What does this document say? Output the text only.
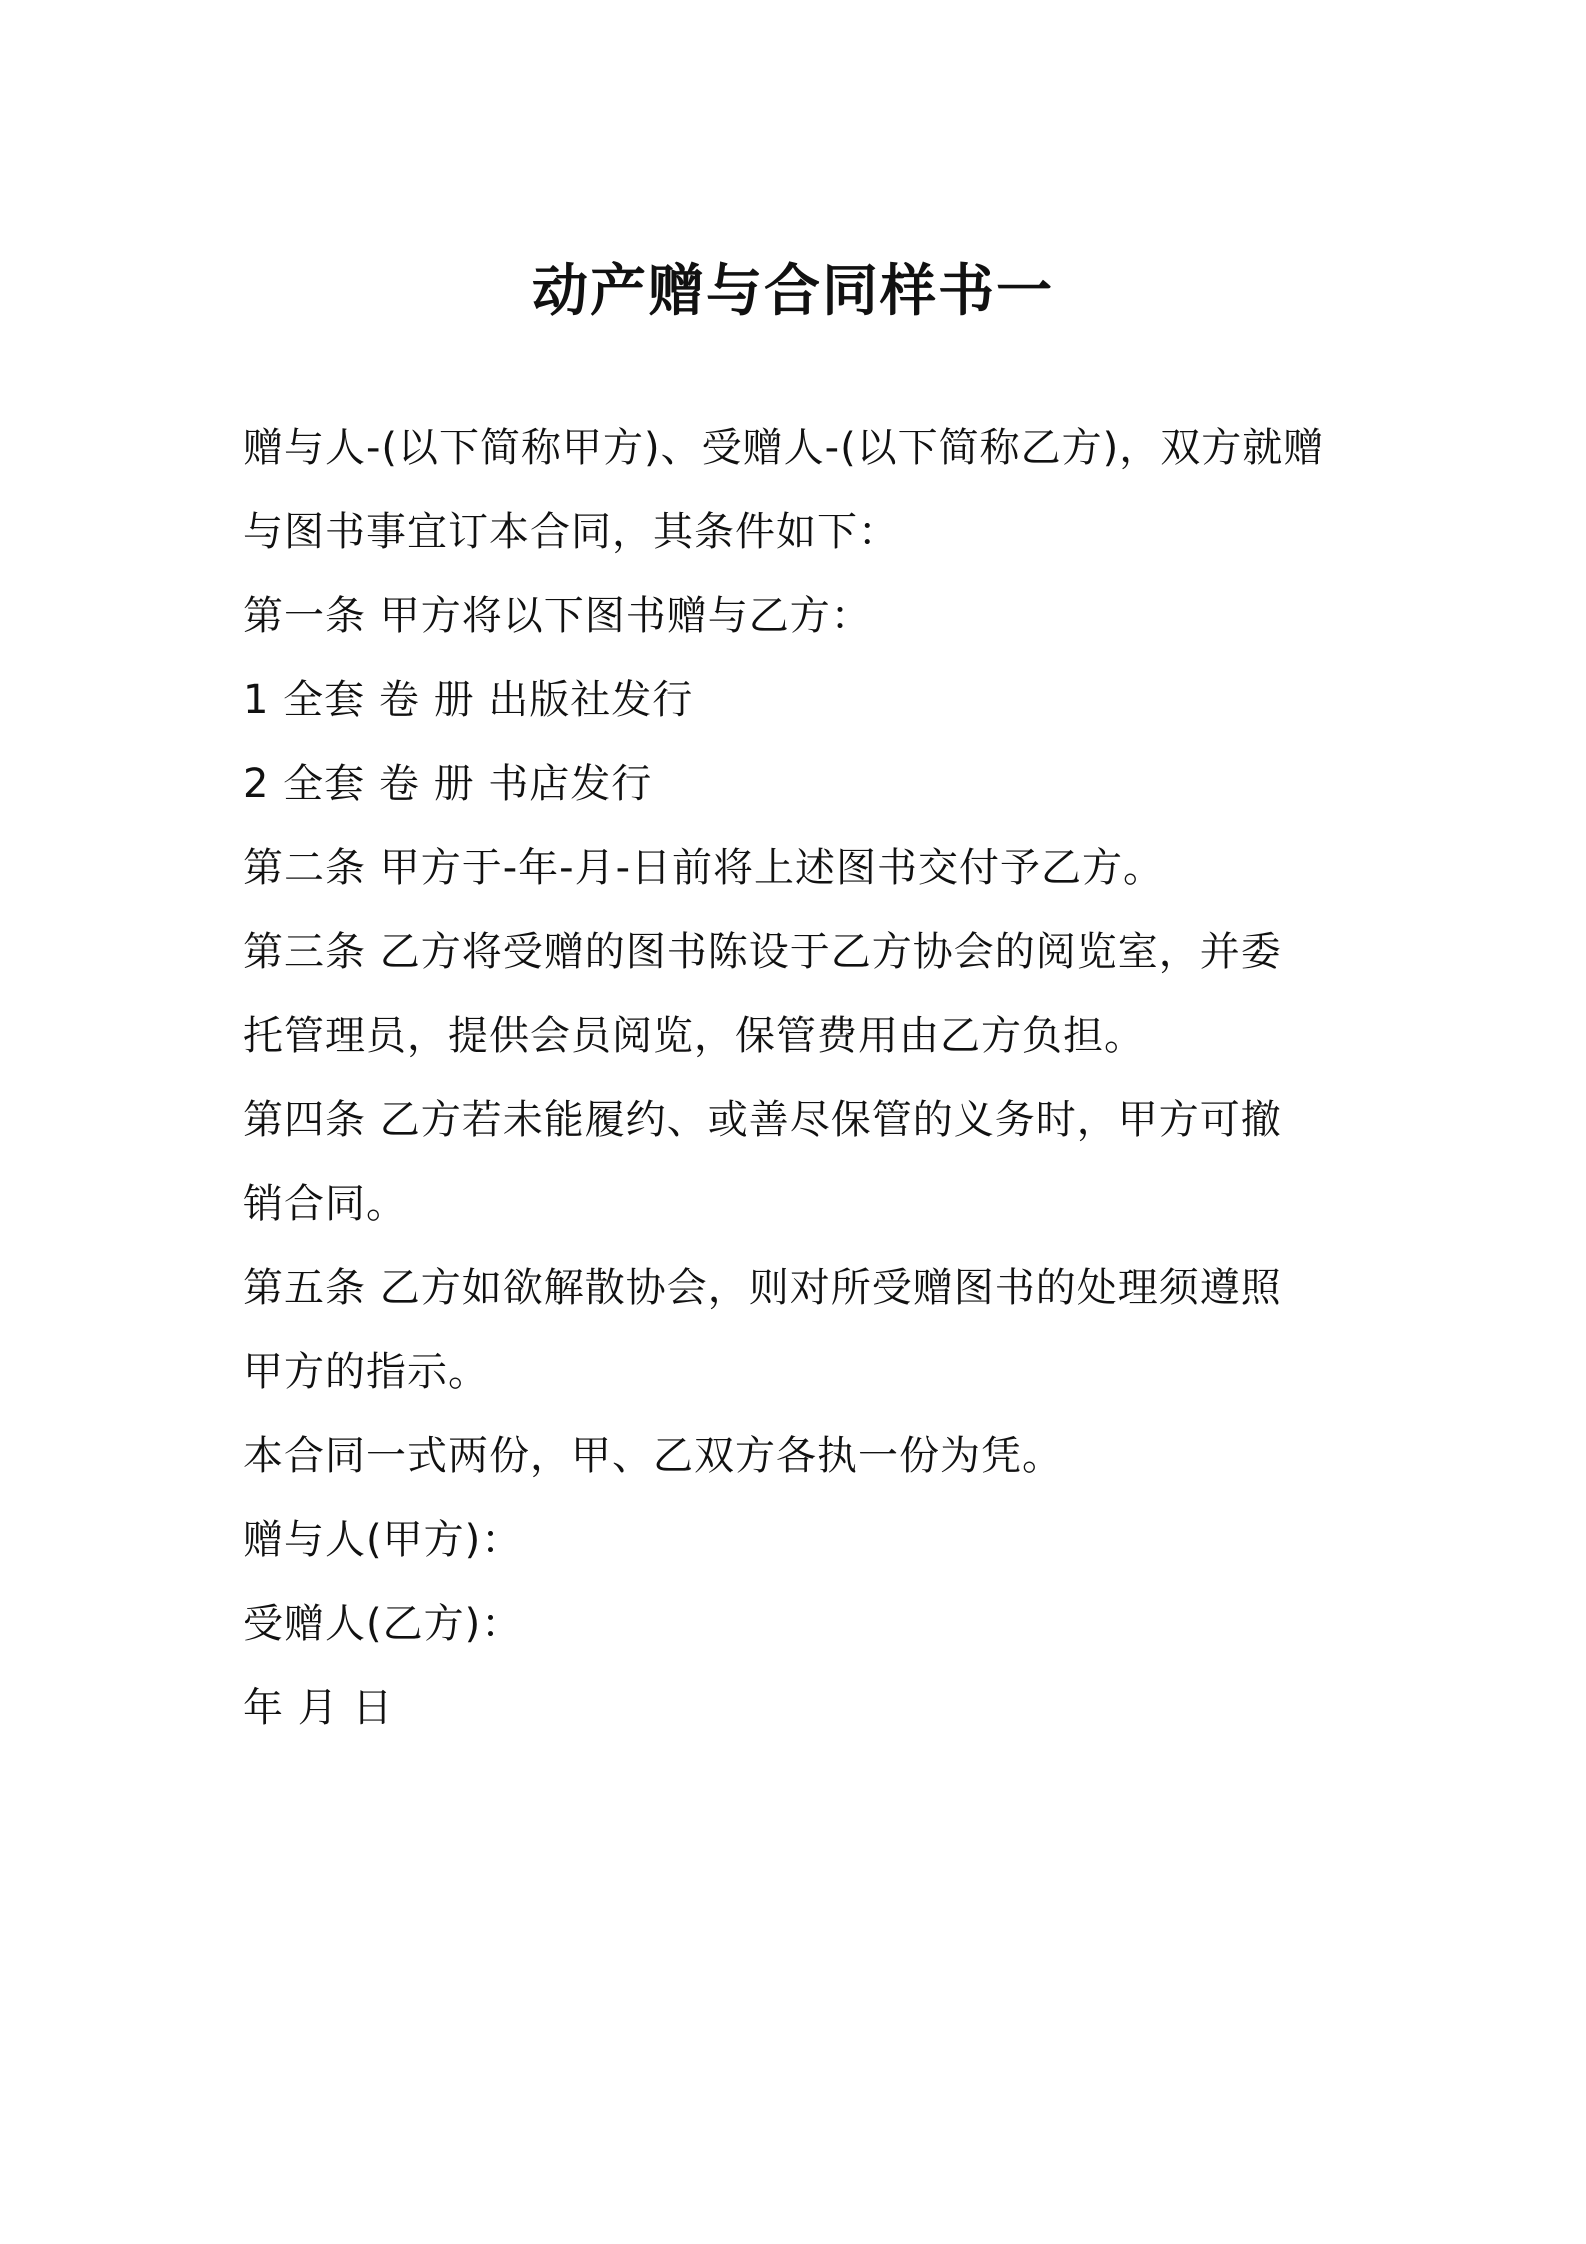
动产赠与合同样书一
赠与人-(以下简称甲方)、受赠人-(以下简称乙方)，双方就赠
与图书事宜订本合同，其条件如下：
第一条 甲方将以下图书赠与乙方：
1 全套 卷 册 出版社发行
2 全套 卷 册 书店发行
第二条 甲方于-年-月-日前将上述图书交付予乙方。
第三条 乙方将受赠的图书陈设于乙方协会的阅览室，并委
托管理员，提供会员阅览，保管费用由乙方负担。
第四条 乙方若未能履约、或善尽保管的义务时，甲方可撤
销合同。
第五条 乙方如欲解散协会，则对所受赠图书的处理须遵照
甲方的指示。
本合同一式两份，甲、乙双方各执一份为凭。
赠与人(甲方)：
受赠人(乙方)：
年 月 日
